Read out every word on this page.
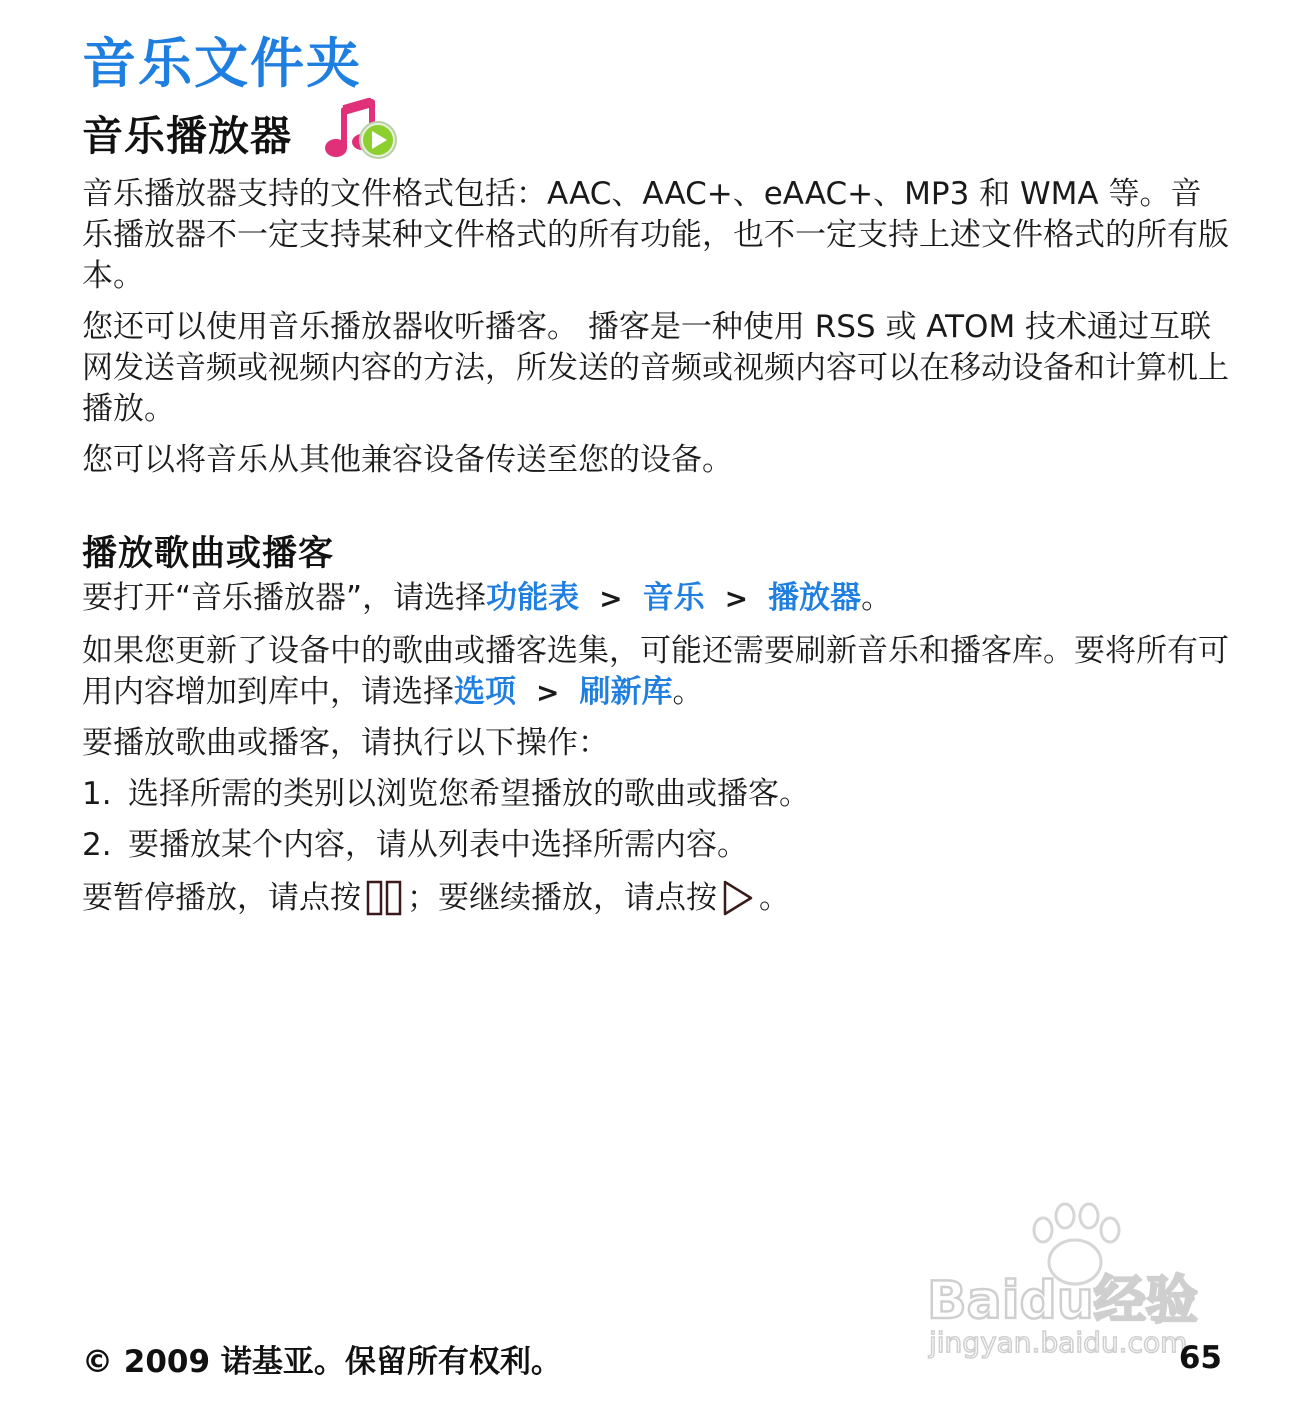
音乐文件夹
音乐播放器

音乐播放器支持的文件格式包括：AAC、AAC+、eAAC+、MP3 和 WMA 等。音乐播放器不一定支持某种文件格式的所有功能，也不一定支持上述文件格式的所有版本。

您还可以使用音乐播放器收听播客。 播客是一种使用 RSS 或 ATOM 技术通过互联网发送音频或视频内容的方法，所发送的音频或视频内容可以在移动设备和计算机上播放。

您可以将音乐从其他兼容设备传送至您的设备。

播放歌曲或播客

要打开“音乐播放器”，请选择功能表 > 音乐 > 播放器。

如果您更新了设备中的歌曲或播客选集，可能还需要刷新音乐和播客库。要将所有可用内容增加到库中，请选择选项 > 刷新库。

要播放歌曲或播客，请执行以下操作：

1. 选择所需的类别以浏览您希望播放的歌曲或播客。

2. 要播放某个内容，请从列表中选择所需内容。

要暂停播放，请点按 ；要继续播放，请点按 。

Baidu经验
jingyan.baidu.com
© 2009 诺基亚。保留所有权利。	65
